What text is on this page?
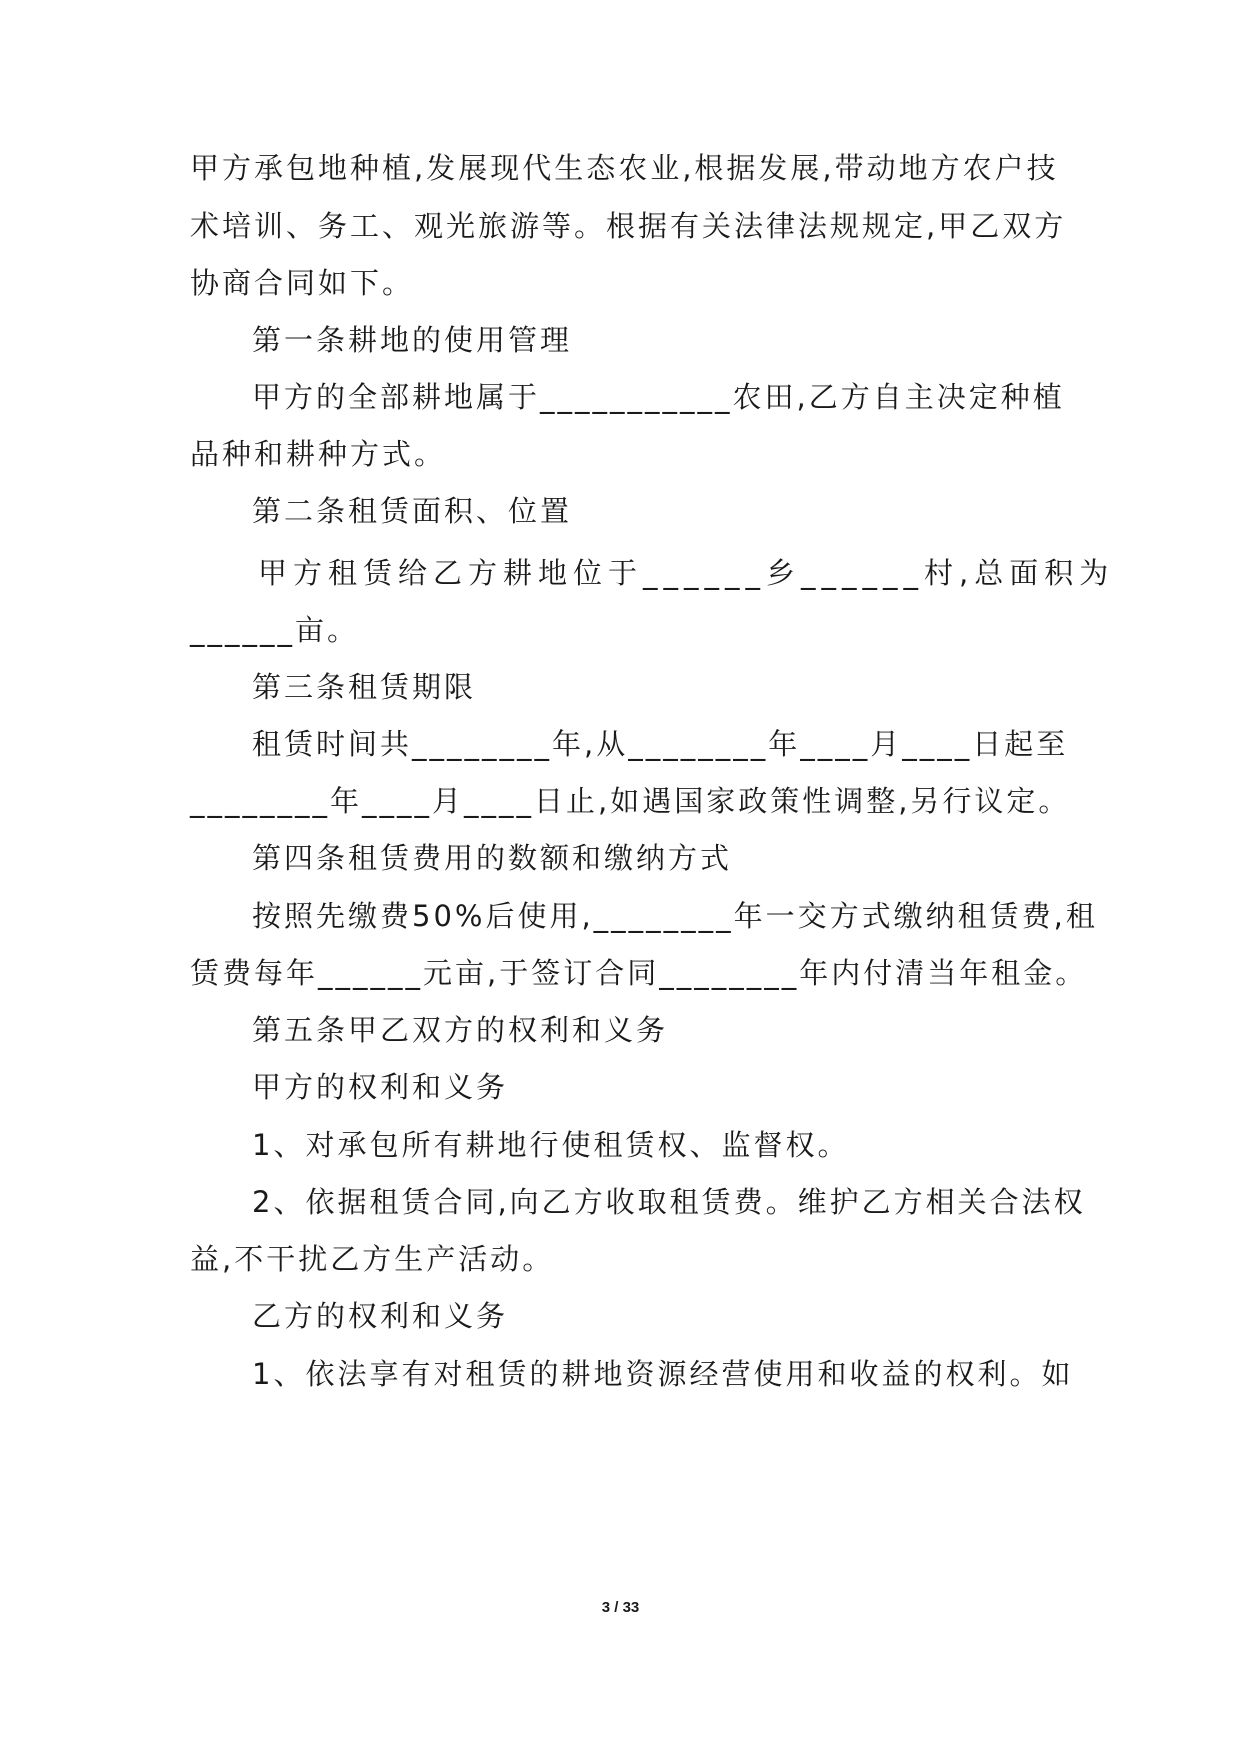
甲方承包地种植,发展现代生态农业,根据发展,带动地方农户技
术培训、务工、观光旅游等。根据有关法律法规规定,甲乙双方
协商合同如下。
第一条耕地的使用管理
甲方的全部耕地属于___________农田,乙方自主决定种植
品种和耕种方式。
第二条租赁面积、位置
甲方租赁给乙方耕地位于______乡______村,总面积为
______亩。
第三条租赁期限
租赁时间共________年,从________年____月____日起至
________年____月____日止,如遇国家政策性调整,另行议定。
第四条租赁费用的数额和缴纳方式
按照先缴费50%后使用,________年一交方式缴纳租赁费,租
赁费每年______元亩,于签订合同________年内付清当年租金。
第五条甲乙双方的权利和义务
甲方的权利和义务
1、对承包所有耕地行使租赁权、监督权。
2、依据租赁合同,向乙方收取租赁费。维护乙方相关合法权
益,不干扰乙方生产活动。
乙方的权利和义务
1、依法享有对租赁的耕地资源经营使用和收益的权利。如
3 / 33
